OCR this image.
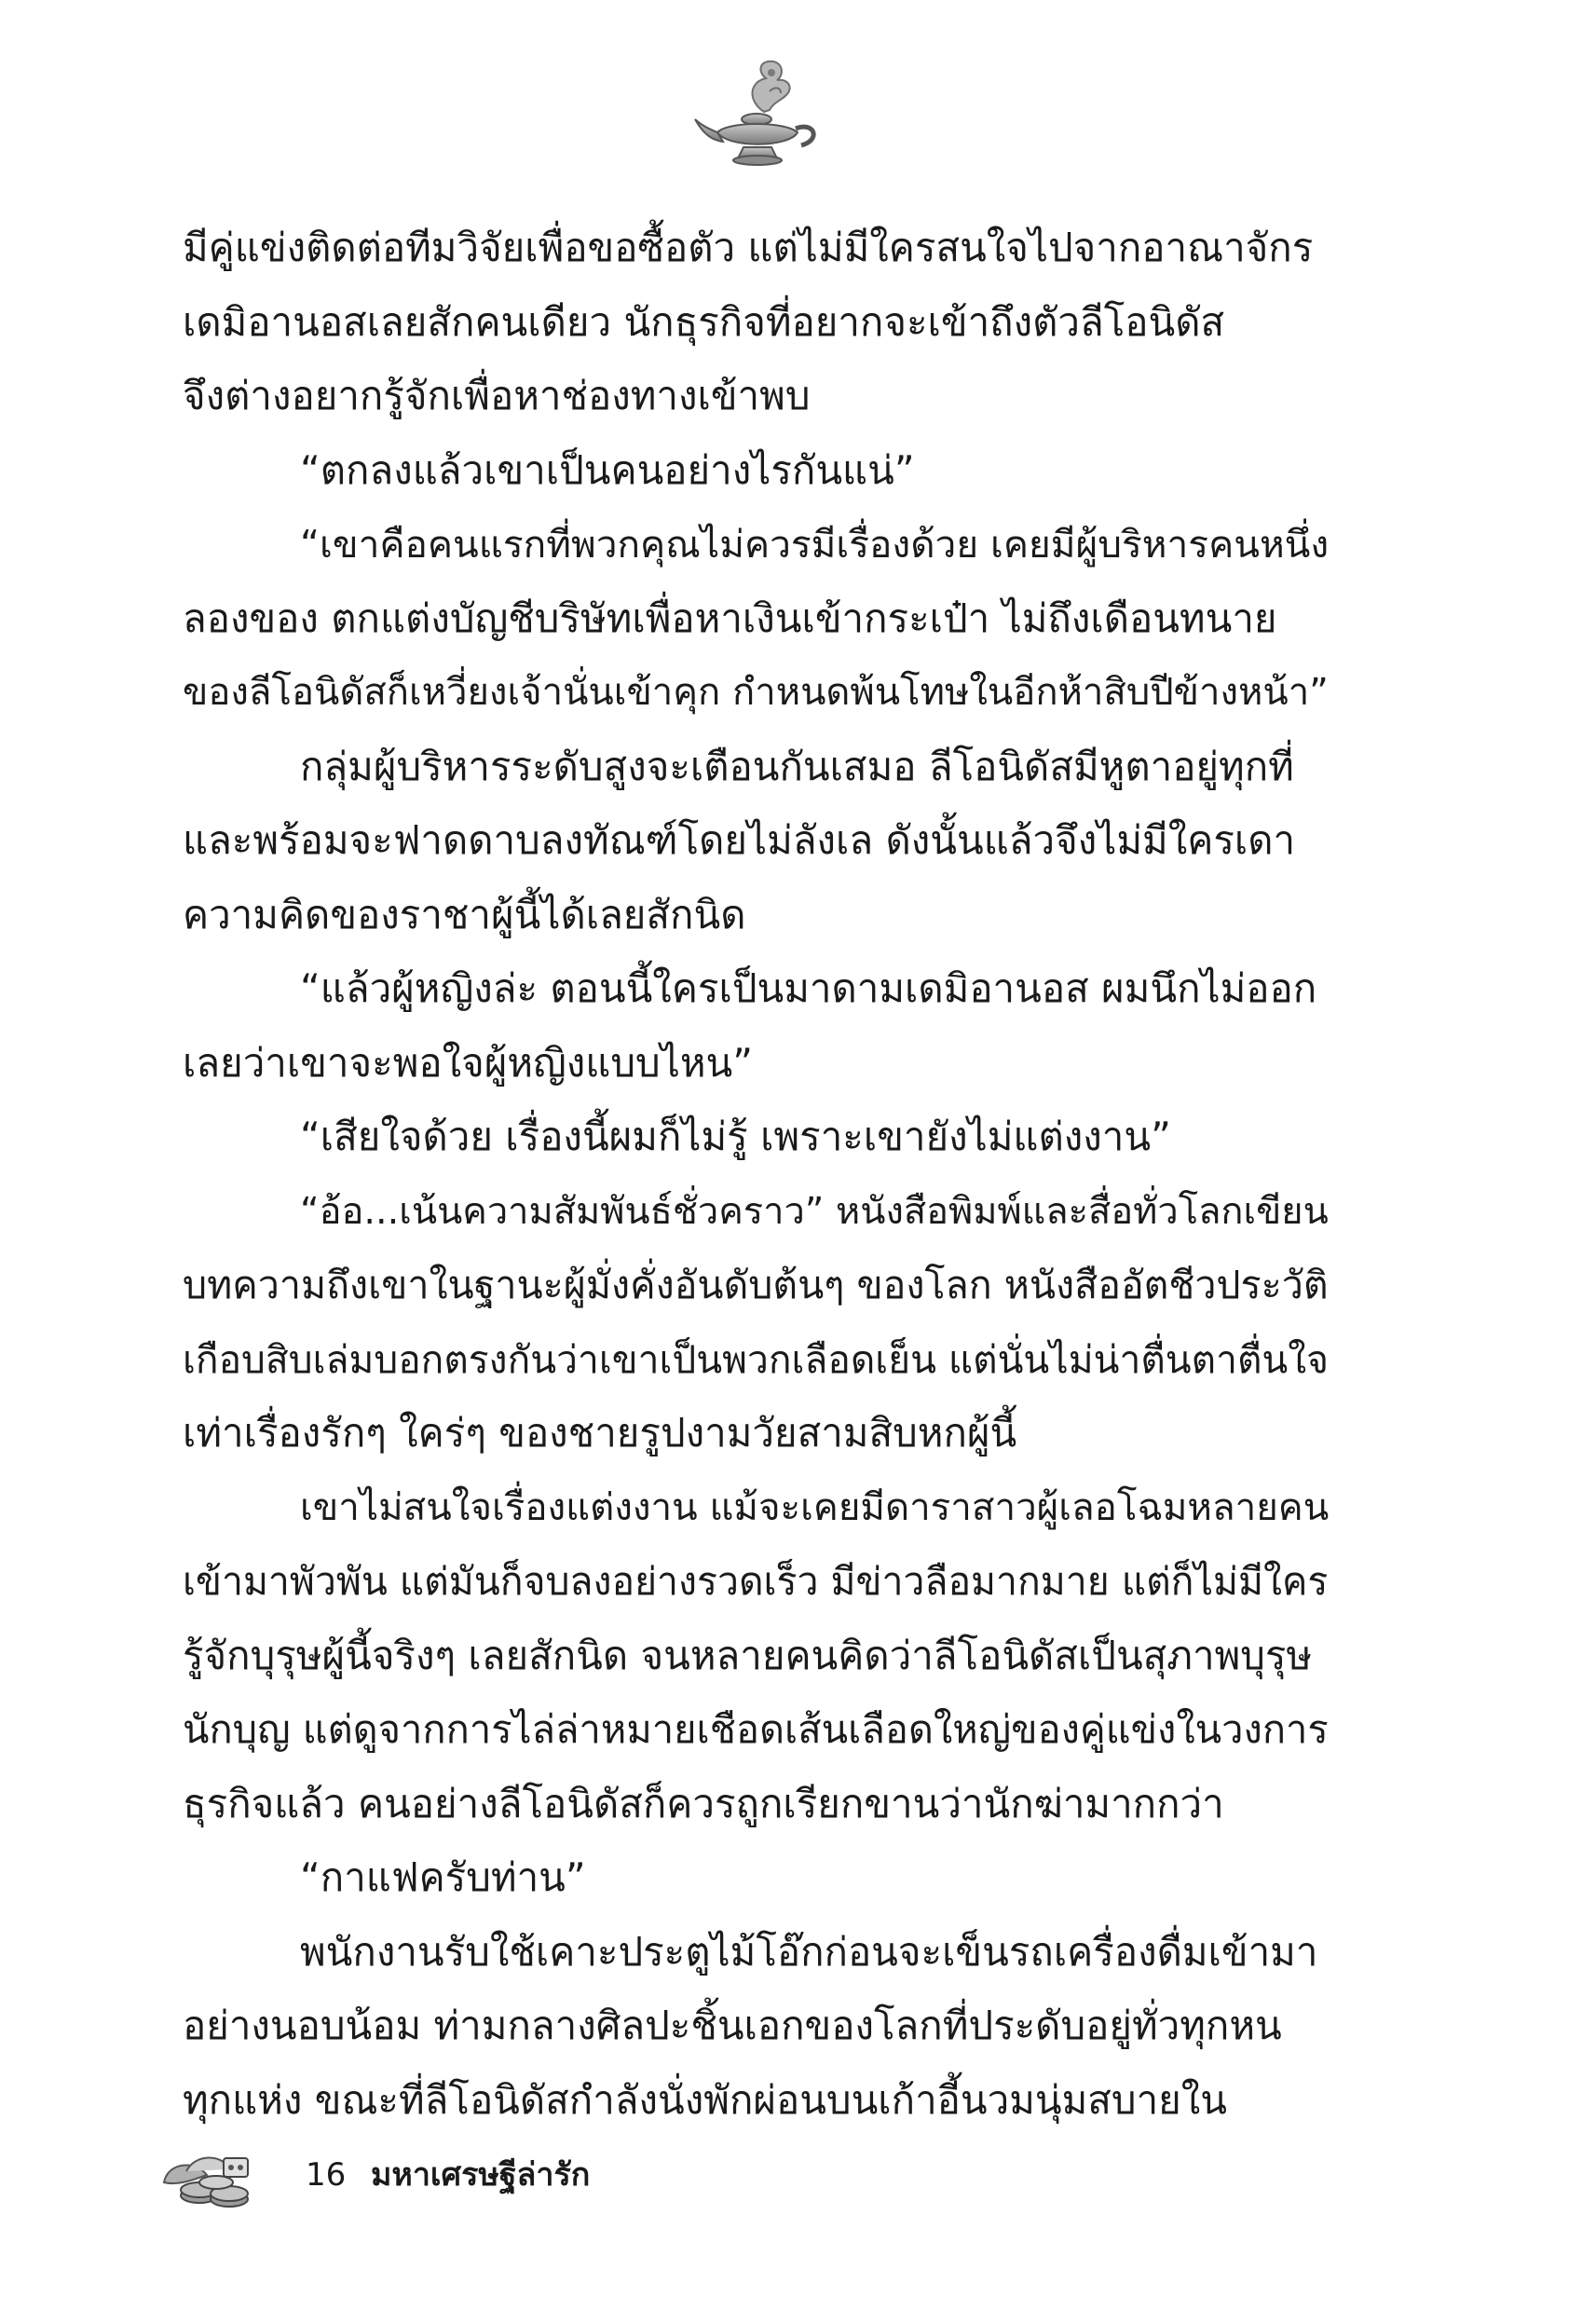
มีคู่แข่งติดต่อทีมวิจัยเพื่อขอซื้อตัว แต่ไม่มีใครสนใจไปจากอาณาจักร
เดมิอานอสเลยสักคนเดียว นักธุรกิจที่อยากจะเข้าถึงตัวลีโอนิดัส
จึงต่างอยากรู้จักเพื่อหาช่องทางเข้าพบ
“ตกลงแล้วเขาเป็นคนอย่างไรกันแน่”
“เขาคือคนแรกที่พวกคุณไม่ควรมีเรื่องด้วย เคยมีผู้บริหารคนหนึ่ง
ลองของ ตกแต่งบัญชีบริษัทเพื่อหาเงินเข้ากระเป๋า ไม่ถึงเดือนทนาย
ของลีโอนิดัสก็เหวี่ยงเจ้านั่นเข้าคุก กำหนดพ้นโทษในอีกห้าสิบปีข้างหน้า”
กลุ่มผู้บริหารระดับสูงจะเตือนกันเสมอ ลีโอนิดัสมีหูตาอยู่ทุกที่
และพร้อมจะฟาดดาบลงทัณฑ์โดยไม่ลังเล ดังนั้นแล้วจึงไม่มีใครเดา
ความคิดของราชาผู้นี้ได้เลยสักนิด
“แล้วผู้หญิงล่ะ ตอนนี้ใครเป็นมาดามเดมิอานอส ผมนึกไม่ออก
เลยว่าเขาจะพอใจผู้หญิงแบบไหน”
“เสียใจด้วย เรื่องนี้ผมก็ไม่รู้ เพราะเขายังไม่แต่งงาน”
“อ้อ...เน้นความสัมพันธ์ชั่วคราว” หนังสือพิมพ์และสื่อทั่วโลกเขียน
บทความถึงเขาในฐานะผู้มั่งคั่งอันดับต้นๆ ของโลก หนังสืออัตชีวประวัติ
เกือบสิบเล่มบอกตรงกันว่าเขาเป็นพวกเลือดเย็น แต่นั่นไม่น่าตื่นตาตื่นใจ
เท่าเรื่องรักๆ ใคร่ๆ ของชายรูปงามวัยสามสิบหกผู้นี้
เขาไม่สนใจเรื่องแต่งงาน แม้จะเคยมีดาราสาวผู้เลอโฉมหลายคน
เข้ามาพัวพัน แต่มันก็จบลงอย่างรวดเร็ว มีข่าวลือมากมาย แต่ก็ไม่มีใคร
รู้จักบุรุษผู้นี้จริงๆ เลยสักนิด จนหลายคนคิดว่าลีโอนิดัสเป็นสุภาพบุรุษ
นักบุญ แต่ดูจากการไล่ล่าหมายเชือดเส้นเลือดใหญ่ของคู่แข่งในวงการ
ธุรกิจแล้ว คนอย่างลีโอนิดัสก็ควรถูกเรียกขานว่านักฆ่ามากกว่า
“กาแฟครับท่าน”
พนักงานรับใช้เคาะประตูไม้โอ๊กก่อนจะเข็นรถเครื่องดื่มเข้ามา
อย่างนอบน้อม ท่ามกลางศิลปะชิ้นเอกของโลกที่ประดับอยู่ทั่วทุกหน
ทุกแห่ง ขณะที่ลีโอนิดัสกำลังนั่งพักผ่อนบนเก้าอี้นวมนุ่มสบายใน
16 มหาเศรษฐีล่ารัก
